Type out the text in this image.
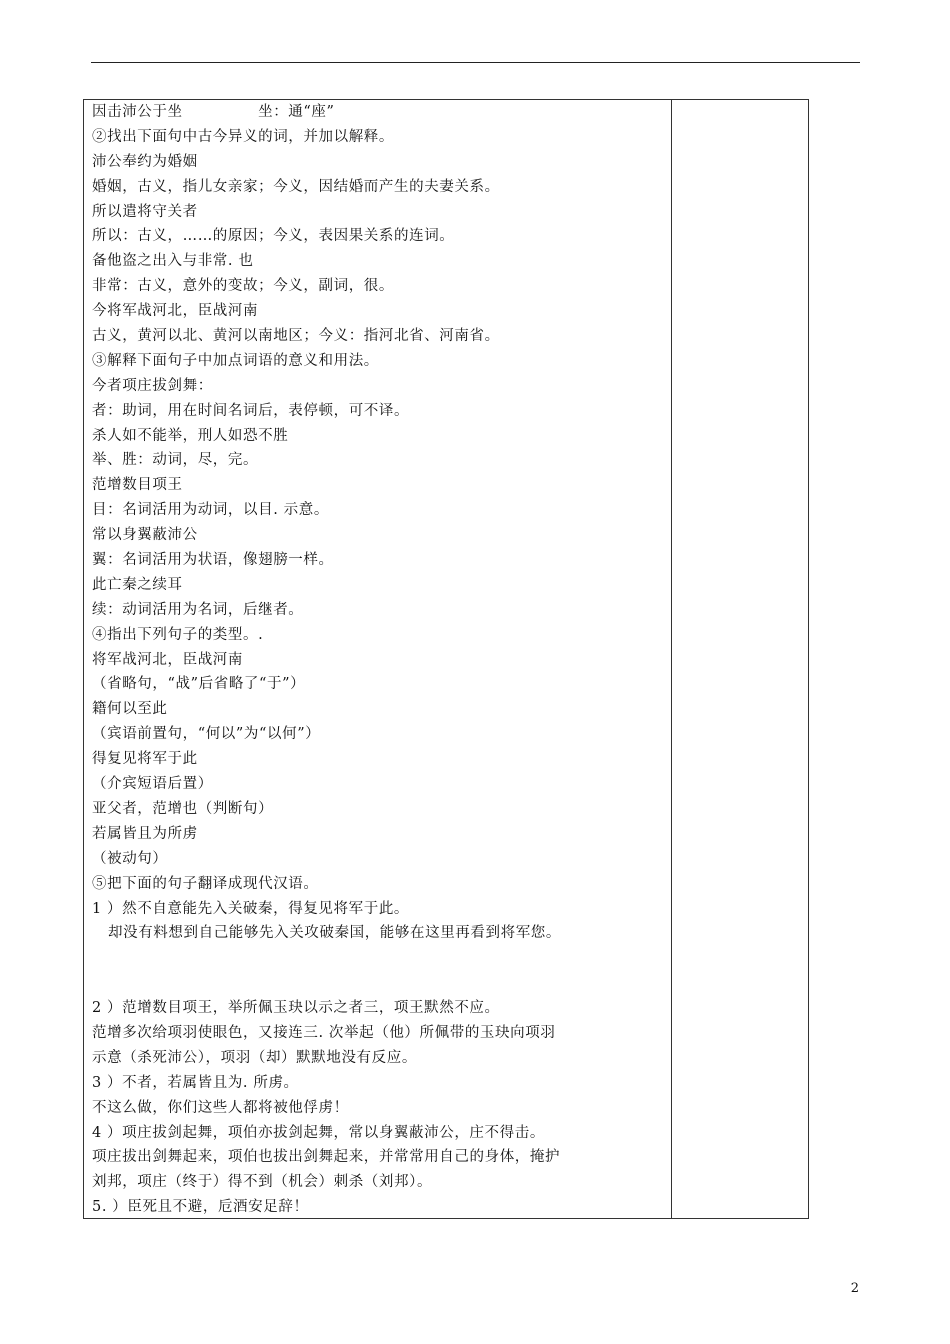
因击沛公于坐　　　　　坐：通“座”
②找出下面句中古今异义的词，并加以解释。
沛公奉约为婚姻
婚姻，古义，指儿女亲家；今义，因结婚而产生的夫妻关系。
所以遣将守关者
所以：古义，……的原因；今义，表因果关系的连词。
备他盗之出入与非常. 也
非常：古义，意外的变故；今义，副词，很。
今将军战河北，臣战河南
古义，黄河以北、黄河以南地区；今义：指河北省、河南省。
③解释下面句子中加点词语的意义和用法。
今者项庄拔剑舞：
者：助词，用在时间名词后，表停顿，可不译。
杀人如不能举，刑人如恐不胜
举、胜：动词，尽，完。
范增数目项王
目：名词活用为动词，以目. 示意。
常以身翼蔽沛公
翼：名词活用为状语，像翅膀一样。
此亡秦之续耳
续：动词活用为名词，后继者。
④指出下列句子的类型。.
将军战河北，臣战河南
（省略句，“战”后省略了“于”）
籍何以至此
（宾语前置句，“何以”为“以何”）
得复见将军于此
（介宾短语后置）
亚父者，范增也（判断句）
若属皆且为所虏
（被动句）
⑤把下面的句子翻译成现代汉语。
1 ）然不自意能先入关破秦，得复见将军于此。
却没有料想到自己能够先入关攻破秦国，能够在这里再看到将军您。
2 ）范增数目项王，举所佩玉玦以示之者三，项王默然不应。
范增多次给项羽使眼色，又接连三. 次举起（他）所佩带的玉玦向项羽
示意（杀死沛公），项羽（却）默默地没有反应。
3 ）不者，若属皆且为. 所虏。
不这么做，你们这些人都将被他俘虏！
4 ）项庄拔剑起舞，项伯亦拔剑起舞，常以身翼蔽沛公，庄不得击。
项庄拔出剑舞起来，项伯也拔出剑舞起来，并常常用自己的身体，掩护
刘邦，项庄（终于）得不到（机会）刺杀（刘邦）。
5. ）臣死且不避，卮酒安足辞！
2
